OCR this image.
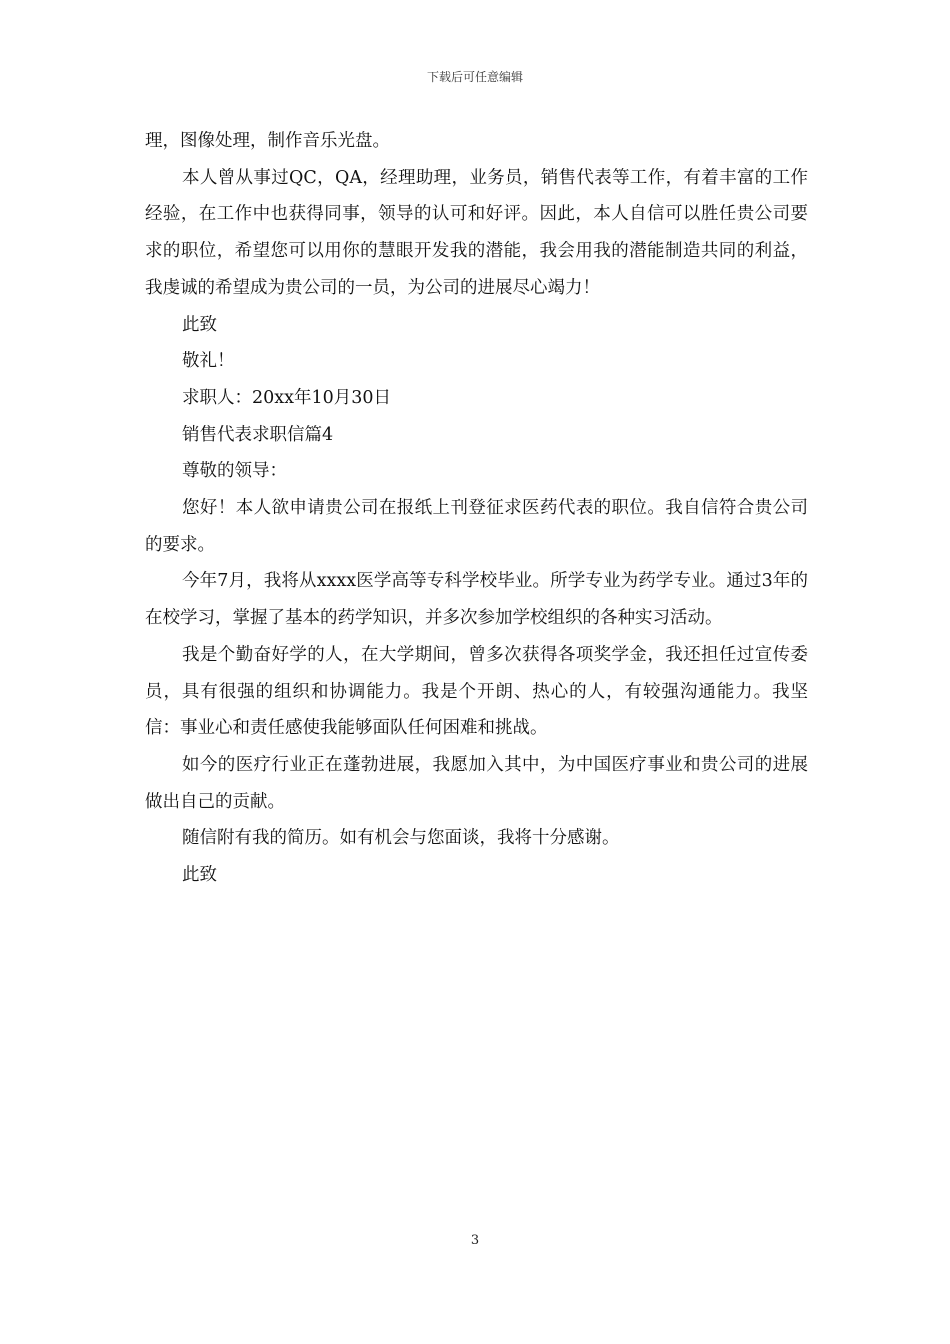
下载后可任意编辑

理，图像处理，制作音乐光盘。

本人曾从事过QC，QA，经理助理，业务员，销售代表等工作，有着丰富的工作经验，在工作中也获得同事，领导的认可和好评。因此，本人自信可以胜任贵公司要求的职位，希望您可以用你的慧眼开发我的潜能，我会用我的潜能制造共同的利益，我虔诚的希望成为贵公司的一员，为公司的进展尽心竭力！

此致

敬礼！

求职人：20xx年10月30日

销售代表求职信篇4

尊敬的领导：

您好！本人欲申请贵公司在报纸上刊登征求医药代表的职位。我自信符合贵公司的要求。

今年7月，我将从xxxx医学高等专科学校毕业。所学专业为药学专业。通过3年的在校学习，掌握了基本的药学知识，并多次参加学校组织的各种实习活动。

我是个勤奋好学的人，在大学期间，曾多次获得各项奖学金，我还担任过宣传委员，具有很强的组织和协调能力。我是个开朗、热心的人，有较强沟通能力。我坚信：事业心和责任感使我能够面队任何困难和挑战。

如今的医疗行业正在蓬勃进展，我愿加入其中，为中国医疗事业和贵公司的进展做出自己的贡献。

随信附有我的简历。如有机会与您面谈，我将十分感谢。

此致

3
